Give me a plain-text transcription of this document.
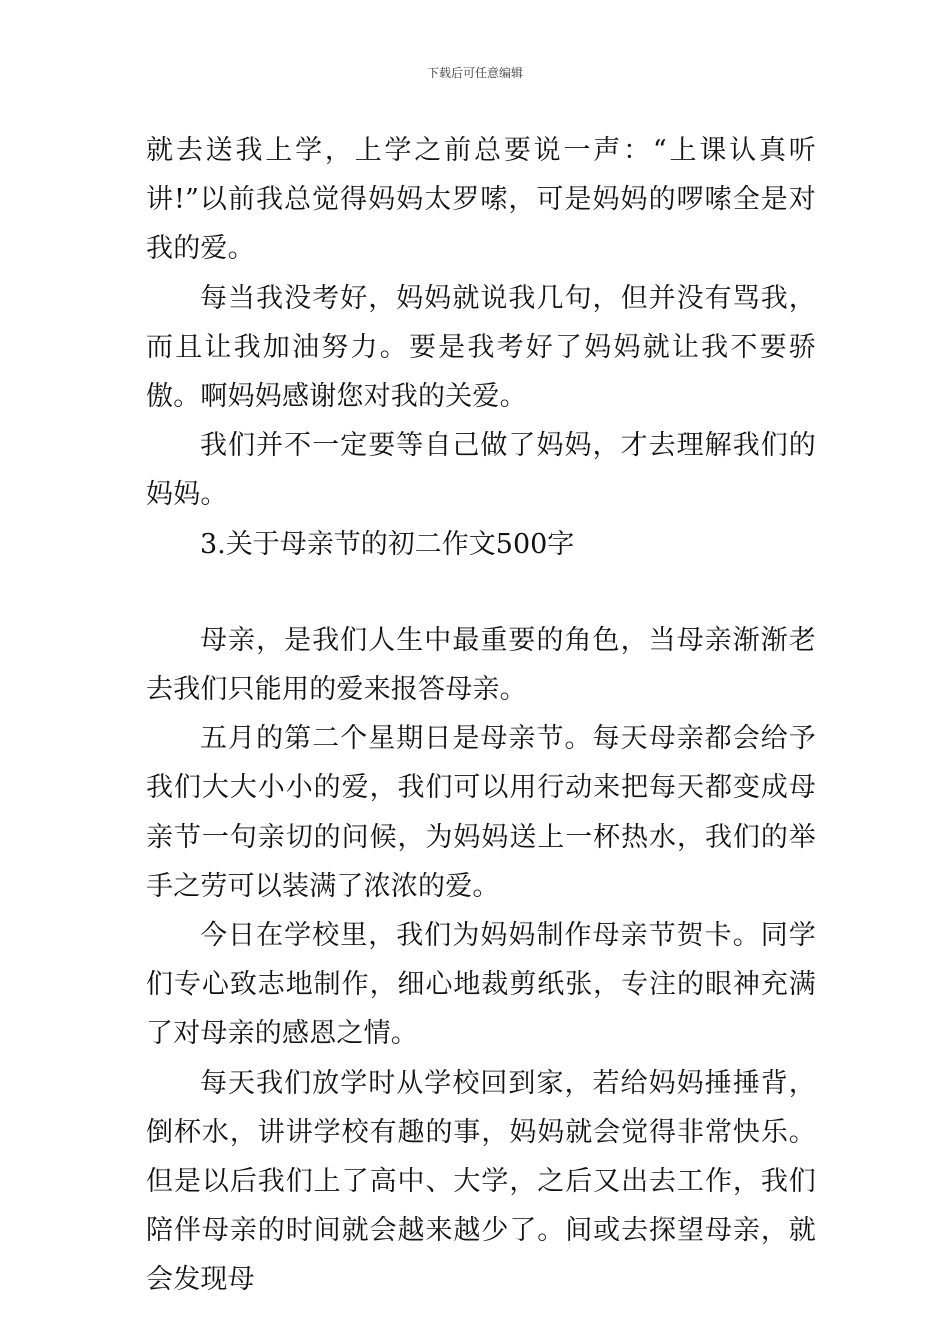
下载后可任意编辑

就去送我上学，上学之前总要说一声：“上课认真听讲!”以前我总觉得妈妈太罗嗦，可是妈妈的啰嗦全是对我的爱。

每当我没考好，妈妈就说我几句，但并没有骂我，而且让我加油努力。要是我考好了妈妈就让我不要骄傲。啊妈妈感谢您对我的关爱。

我们并不一定要等自己做了妈妈，才去理解我们的妈妈。

3.关于母亲节的初二作文500字

母亲，是我们人生中最重要的角色，当母亲渐渐老去我们只能用的爱来报答母亲。

五月的第二个星期日是母亲节。每天母亲都会给予我们大大小小的爱，我们可以用行动来把每天都变成母亲节一句亲切的问候，为妈妈送上一杯热水，我们的举手之劳可以装满了浓浓的爱。

今日在学校里，我们为妈妈制作母亲节贺卡。同学们专心致志地制作，细心地裁剪纸张，专注的眼神充满了对母亲的感恩之情。

每天我们放学时从学校回到家，若给妈妈捶捶背，倒杯水，讲讲学校有趣的事，妈妈就会觉得非常快乐。但是以后我们上了高中、大学，之后又出去工作，我们陪伴母亲的时间就会越来越少了。间或去探望母亲，就会发现母
